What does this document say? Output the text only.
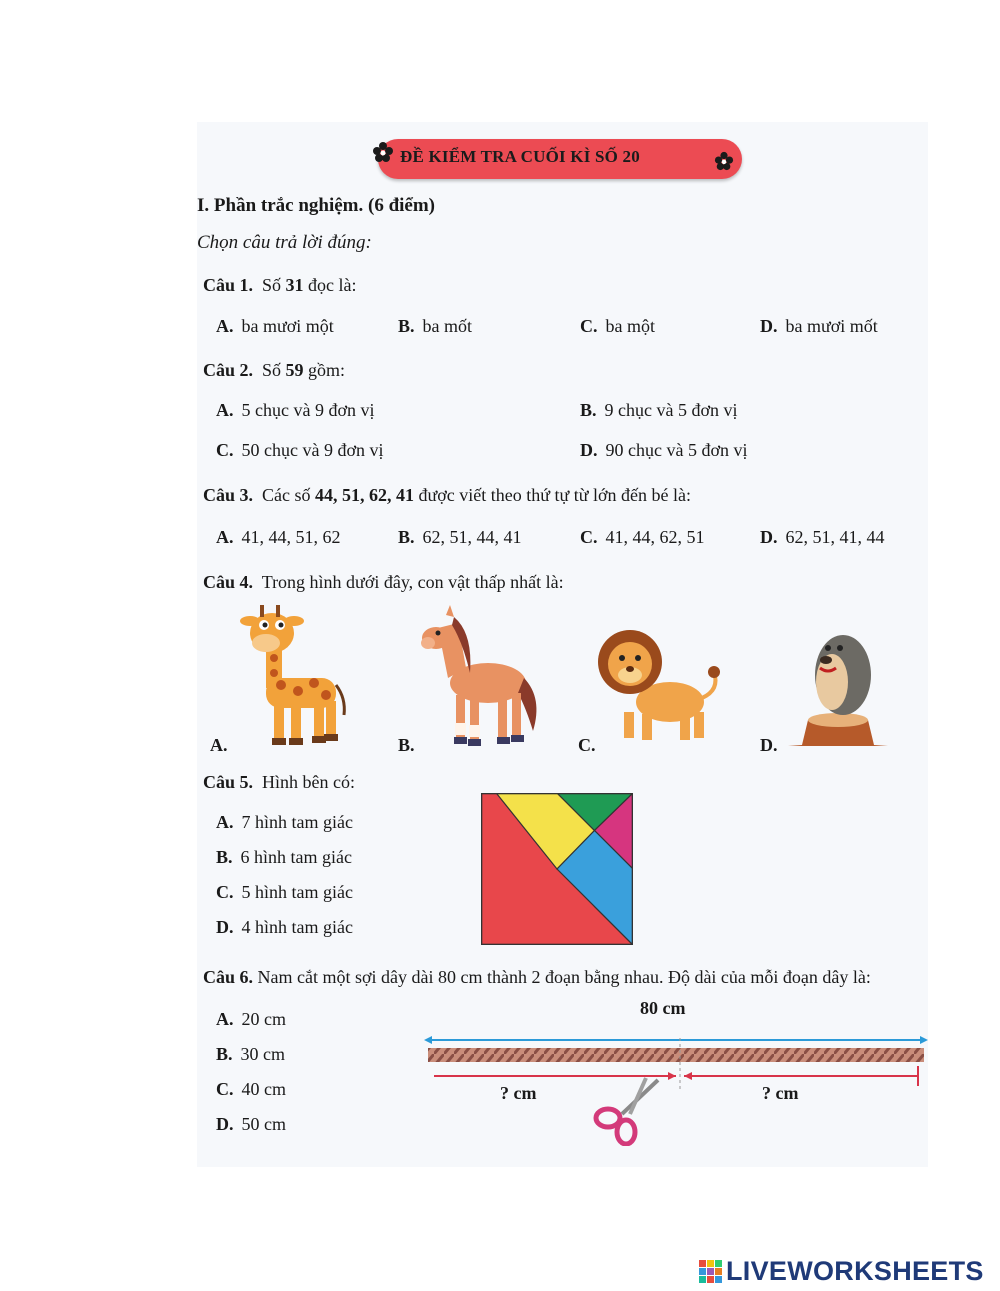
ĐỀ KIỂM TRA CUỐI KÌ SỐ 20
I. Phần trắc nghiệm. (6 điểm)
Chọn câu trả lời đúng:
Câu 1. Số 31 đọc là:
A. ba mươi một	B. ba mốt	C. ba một	D. ba mươi mốt
Câu 2. Số 59 gồm:
A. 5 chục và 9 đơn vị	B. 9 chục và 5 đơn vị
C. 50 chục và 9 đơn vị	D. 90 chục và 5 đơn vị
Câu 3. Các số 44, 51, 62, 41 được viết theo thứ tự từ lớn đến bé là:
A. 41, 44, 51, 62	B. 62, 51, 44, 41	C. 41, 44, 62, 51	D. 62, 51, 41, 44
Câu 4. Trong hình dưới đây, con vật thấp nhất là:
A.	B.	C.	D.
Câu 5. Hình bên có:
A. 7 hình tam giác
B. 6 hình tam giác
C. 5 hình tam giác
D. 4 hình tam giác
Câu 6. Nam cắt một sợi dây dài 80 cm thành 2 đoạn bằng nhau. Độ dài của mỗi đoạn dây là:
A. 20 cm
B. 30 cm
C. 40 cm
D. 50 cm
80 cm
? cm	? cm
LIVEWORKSHEETS
